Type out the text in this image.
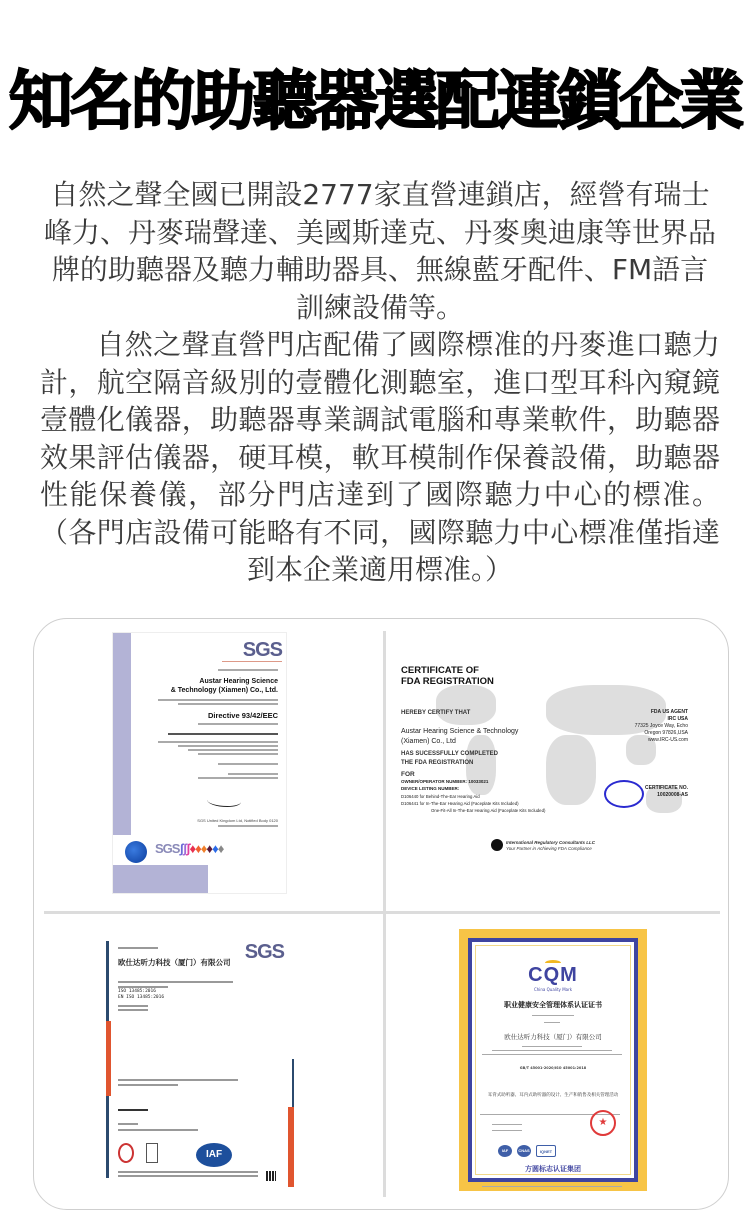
知名的助聽器選配連鎖企業

自然之聲全國已開設2777家直營連鎖店，經營有瑞士峰力、丹麥瑞聲達、美國斯達克、丹麥奧迪康等世界品牌的助聽器及聽力輔助器具、無線藍牙配件、FM語言訓練設備等。

自然之聲直營門店配備了國際標准的丹麥進口聽力計，航空隔音級別的壹體化測聽室，進口型耳科內窺鏡壹體化儀器，助聽器專業調試電腦和專業軟件，助聽器效果評估儀器，硬耳模，軟耳模制作保養設備，助聽器性能保養儀，部分門店達到了國際聽力中心的標准。（各門店設備可能略有不同，國際聽力中心標准僅指達到本企業適用標准。）

SGS
Austar Hearing Science
& Technology (Xiamen) Co., Ltd.
Directive 93/42/EEC
SGS United Kingdom Ltd, Notified Body 0120
SGSʃʃʃ♦♦♦♦♦♦
CERTIFICATE OF
FDA REGISTRATION
HEREBY CERTIFY THAT
Austar Hearing Science & Technology
(Xiamen) Co., Ltd
HAS SUCESSFULLY COMPLETED
THE FDA REGISTRATION
FOR
OWNER/OPERATOR NUMBER: 10033021
DEVICE LISTING NUMBER:
D106440 for Behind-The-Ear Hearing Aid
D106441 for In-The-Ear Hearing Aid (Faceplate Kits Included)
One-Fit-All In-The-Ear Hearing Aid (Faceplate Kits Included)
FDA US AGENT
IRC USA
77325 Joyce Way, Echo
Oregon 97826,USA
www.IRC-US.com
CERTIFICATE NO.
10020008-AS
International Regulatory Consultants LLC
Your Partner in Achieving FDA Compliance
SGS
欧仕达听力科技（厦门）有限公司
ISO 13485:2016
EN ISO 13485:2016
IAF
CQM
China Quality Mark
职业健康安全管理体系认证证书
欧仕达听力科技（厦门）有限公司
GB/T 45001-2020/ISO 45001:2018
耳背式助听器、耳内式助听器的设计、生产和销售及相关管理活动
★
IAF	CNAS	IQNET
方圆标志认证集团
